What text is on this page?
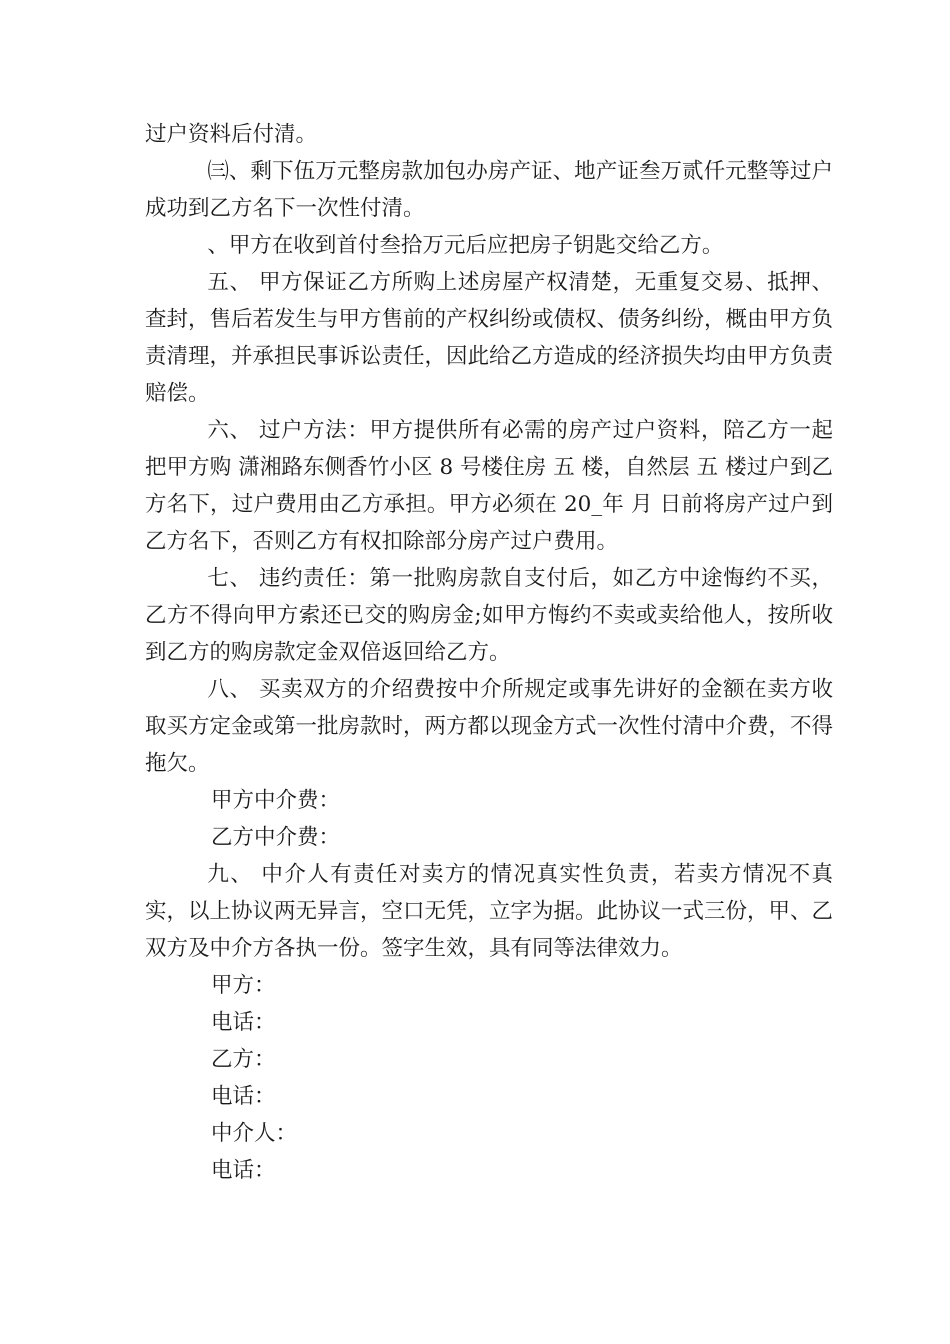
过户资料后付清。

㈢、剩下伍万元整房款加包办房产证、地产证叁万贰仟元整等过户成功到乙方名下一次性付清。

、甲方在收到首付叁拾万元后应把房子钥匙交给乙方。

五、 甲方保证乙方所购上述房屋产权清楚，无重复交易、抵押、查封，售后若发生与甲方售前的产权纠纷或债权、债务纠纷，概由甲方负责清理，并承担民事诉讼责任，因此给乙方造成的经济损失均由甲方负责赔偿。

六、 过户方法：甲方提供所有必需的房产过户资料，陪乙方一起把甲方购 潇湘路东侧香竹小区 8 号楼住房 五 楼，自然层 五 楼过户到乙方名下，过户费用由乙方承担。甲方必须在 20_年 月 日前将房产过户到乙方名下，否则乙方有权扣除部分房产过户费用。

七、 违约责任：第一批购房款自支付后，如乙方中途悔约不买，乙方不得向甲方索还已交的购房金;如甲方悔约不卖或卖给他人，按所收到乙方的购房款定金双倍返回给乙方。

八、 买卖双方的介绍费按中介所规定或事先讲好的金额在卖方收取买方定金或第一批房款时，两方都以现金方式一次性付清中介费，不得拖欠。

甲方中介费：

乙方中介费：

九、 中介人有责任对卖方的情况真实性负责，若卖方情况不真实，以上协议两无异言，空口无凭，立字为据。此协议一式三份，甲、乙双方及中介方各执一份。签字生效，具有同等法律效力。

甲方：

电话：

乙方：

电话：

中介人：

电话：
